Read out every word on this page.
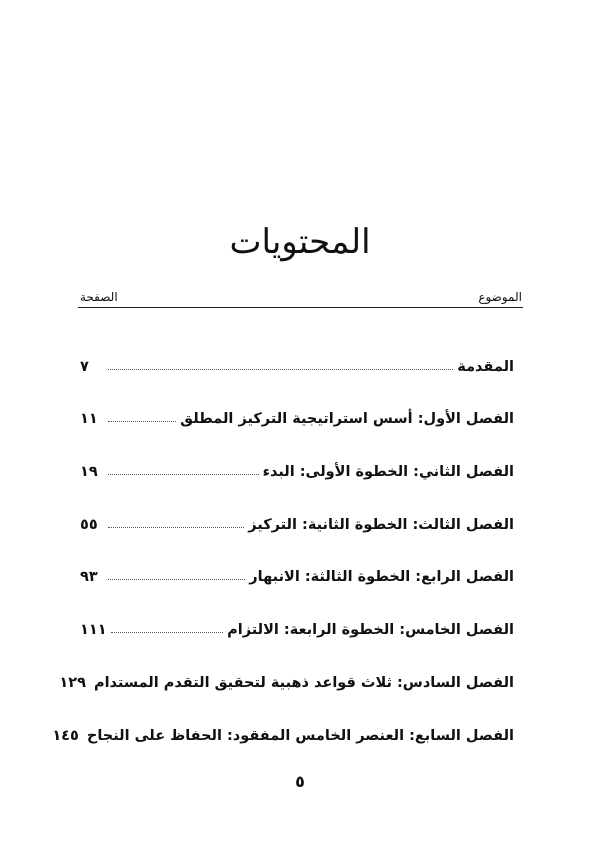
المحتويات
الموضوع
الصفحة
المقدمة
٧
الفصل الأول: أسس استراتيجية التركيز المطلق
١١
الفصل الثاني: الخطوة الأولى: البدء
١٩
الفصل الثالث: الخطوة الثانية: التركيز
٥٥
الفصل الرابع: الخطوة الثالثة: الانبهار
٩٣
الفصل الخامس: الخطوة الرابعة: الالتزام
١١١
الفصل السادس: ثلاث قواعد ذهبية لتحقيق التقدم المستدام
١٢٩
الفصل السابع: العنصر الخامس المفقود: الحفاظ على النجاح
١٤٥
٥
